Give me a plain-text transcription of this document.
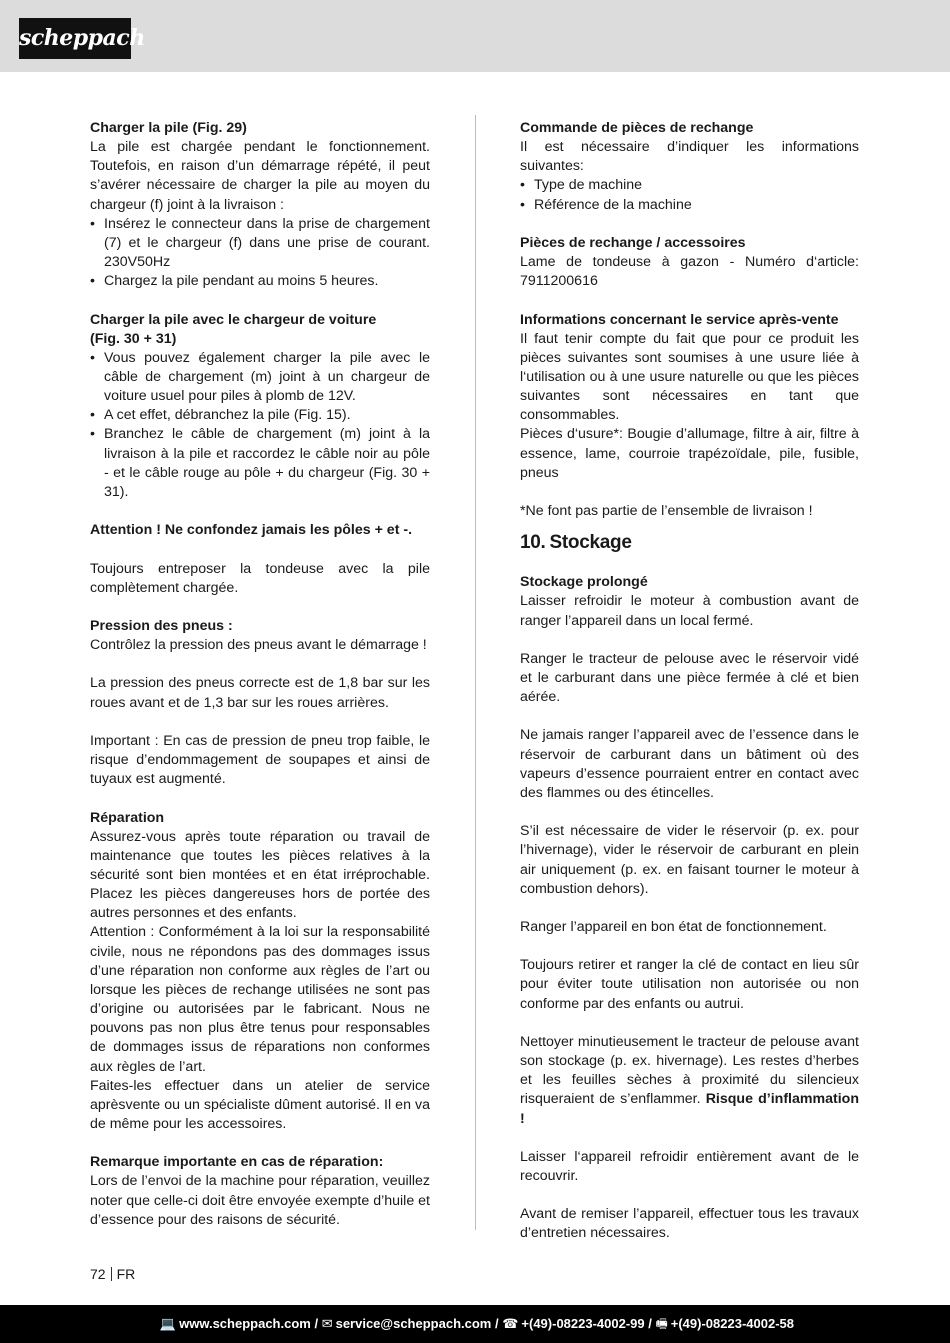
scheppach

Charger la pile (Fig. 29)

La pile est chargée pendant le fonctionnement. Toutefois, en raison d’un démarrage répété, il peut s’avérer nécessaire de charger la pile au moyen du chargeur (f) joint à la livraison :

• Insérez le connecteur dans la prise de chargement (7) et le chargeur (f) dans une prise de courant. 230V50Hz
• Chargez la pile pendant au moins 5 heures.

Charger la pile avec le chargeur de voiture

(Fig. 30 + 31)

• Vous pouvez également charger la pile avec le câble de chargement (m) joint à un chargeur de voiture usuel pour piles à plomb de 12V.
• A cet effet, débranchez la pile (Fig. 15).
• Branchez le câble de chargement (m) joint à la livraison à la pile et raccordez le câble noir au pôle - et le câble rouge au pôle + du chargeur (Fig. 30 + 31).

Attention ! Ne confondez jamais les pôles + et -.

Toujours entreposer la tondeuse avec la pile complètement chargée.

Pression des pneus :

Contrôlez la pression des pneus avant le démarrage !

La pression des pneus correcte est de 1,8 bar sur les roues avant et de 1,3 bar sur les roues arrières.

Important : En cas de pression de pneu trop faible, le risque d’endommagement de soupapes et ainsi de tuyaux est augmenté.

Réparation

Assurez-vous après toute réparation ou travail de maintenance que toutes les pièces relatives à la sécurité sont bien montées et en état irréprochable. Placez les pièces dangereuses hors de portée des autres personnes et des enfants.

Attention : Conformément à la loi sur la responsabilité civile, nous ne répondons pas des dommages issus d’une réparation non conforme aux règles de l’art ou lorsque les pièces de rechange utilisées ne sont pas d’origine ou autorisées par le fabricant. Nous ne pouvons pas non plus être tenus pour responsables de dommages issus de réparations non conformes aux règles de l’art.

Faites-les effectuer dans un atelier de service aprèsvente ou un spécialiste dûment autorisé. Il en va de même pour les accessoires.

Remarque importante en cas de réparation:

Lors de l’envoi de la machine pour réparation, veuillez noter que celle-ci doit être envoyée exempte d’huile et d’essence pour des raisons de sécurité.

Commande de pièces de rechange

Il est nécessaire d’indiquer les informations suivantes:

• Type de machine
• Référence de la machine

Pièces de rechange / accessoires

Lame de tondeuse à gazon - Numéro d‘article: 7911200616

Informations concernant le service après-vente

Il faut tenir compte du fait que pour ce produit les pièces suivantes sont soumises à une usure liée à l‘utilisation ou à une usure naturelle ou que les pièces suivantes sont nécessaires en tant que consommables.

Pièces d‘usure*: Bougie d’allumage, filtre à air, filtre à essence, lame, courroie trapézoïdale, pile, fusible, pneus

*Ne font pas partie de l’ensemble de livraison !

10. Stockage

Stockage prolongé

Laisser refroidir le moteur à combustion avant de ranger l’appareil dans un local fermé.

Ranger le tracteur de pelouse avec le réservoir vidé et le carburant dans une pièce fermée à clé et bien aérée.

Ne jamais ranger l’appareil avec de l’essence dans le réservoir de carburant dans un bâtiment où des vapeurs d’essence pourraient entrer en contact avec des flammes ou des étincelles.

S’il est nécessaire de vider le réservoir (p. ex. pour l’hivernage), vider le réservoir de carburant en plein air uniquement (p. ex. en faisant tourner le moteur à combustion dehors).

Ranger l’appareil en bon état de fonctionnement.

Toujours retirer et ranger la clé de contact en lieu sûr pour éviter toute utilisation non autorisée ou non conforme par des enfants ou autrui.

Nettoyer minutieusement le tracteur de pelouse avant son stockage (p. ex. hivernage). Les restes d’herbes et les feuilles sèches à proximité du silencieux risqueraient de s’enflammer. Risque d’inflammation !

Laisser l‘appareil refroidir entièrement avant de le recouvrir.

Avant de remiser l’appareil, effectuer tous les travaux d’entretien nécessaires.

72 FR
💻 www.scheppach.com / ✉ service@scheppach.com / ☎ +(49)-08223-4002-99 / 🖷 +(49)-08223-4002-58
